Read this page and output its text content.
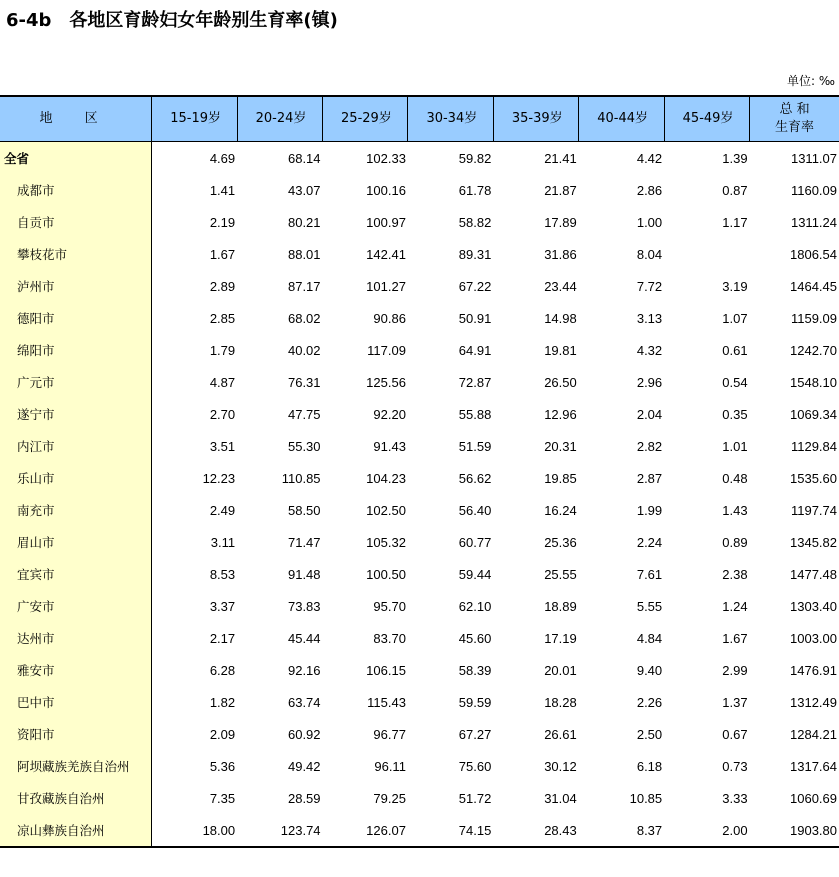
6-4b 各地区育龄妇女年龄别生育率(镇)
单位: ‰
地 区	15-19岁	20-24岁	25-29岁	30-34岁	35-39岁	40-44岁	45-49岁	总 和
生育率
全省	4.69	68.14	102.33	59.82	21.41	4.42	1.39	1311.07
成都市	1.41	43.07	100.16	61.78	21.87	2.86	0.87	1160.09
自贡市	2.19	80.21	100.97	58.82	17.89	1.00	1.17	1311.24
攀枝花市	1.67	88.01	142.41	89.31	31.86	8.04		1806.54
泸州市	2.89	87.17	101.27	67.22	23.44	7.72	3.19	1464.45
德阳市	2.85	68.02	90.86	50.91	14.98	3.13	1.07	1159.09
绵阳市	1.79	40.02	117.09	64.91	19.81	4.32	0.61	1242.70
广元市	4.87	76.31	125.56	72.87	26.50	2.96	0.54	1548.10
遂宁市	2.70	47.75	92.20	55.88	12.96	2.04	0.35	1069.34
内江市	3.51	55.30	91.43	51.59	20.31	2.82	1.01	1129.84
乐山市	12.23	110.85	104.23	56.62	19.85	2.87	0.48	1535.60
南充市	2.49	58.50	102.50	56.40	16.24	1.99	1.43	1197.74
眉山市	3.11	71.47	105.32	60.77	25.36	2.24	0.89	1345.82
宜宾市	8.53	91.48	100.50	59.44	25.55	7.61	2.38	1477.48
广安市	3.37	73.83	95.70	62.10	18.89	5.55	1.24	1303.40
达州市	2.17	45.44	83.70	45.60	17.19	4.84	1.67	1003.00
雅安市	6.28	92.16	106.15	58.39	20.01	9.40	2.99	1476.91
巴中市	1.82	63.74	115.43	59.59	18.28	2.26	1.37	1312.49
资阳市	2.09	60.92	96.77	67.27	26.61	2.50	0.67	1284.21
阿坝藏族羌族自治州	5.36	49.42	96.11	75.60	30.12	6.18	0.73	1317.64
甘孜藏族自治州	7.35	28.59	79.25	51.72	31.04	10.85	3.33	1060.69
凉山彝族自治州	18.00	123.74	126.07	74.15	28.43	8.37	2.00	1903.80
